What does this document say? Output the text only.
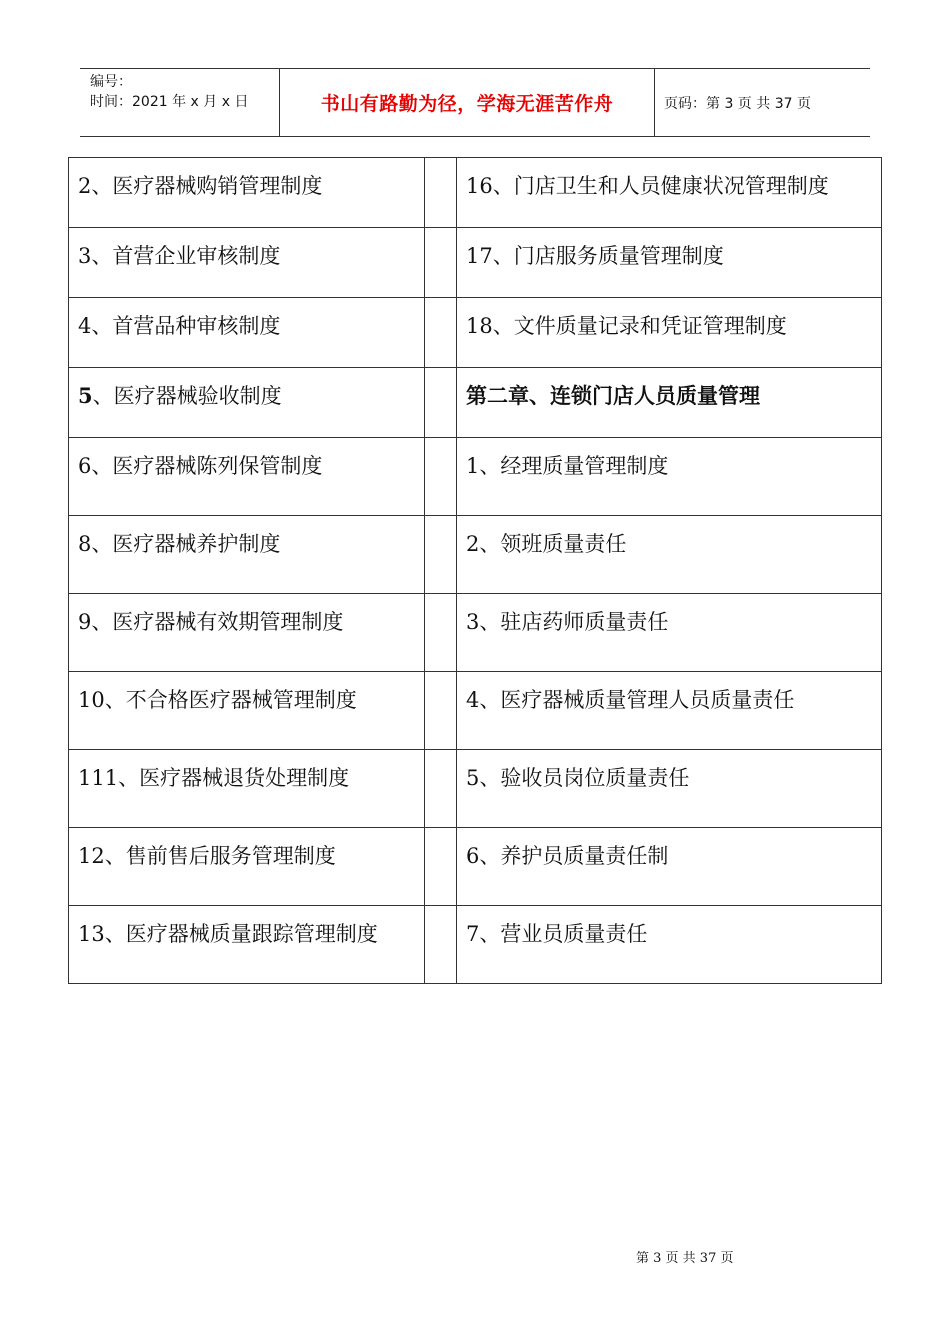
编号：
时间：2021 年 x 月 x 日	书山有路勤为径，学海无涯苦作舟	页码：第 3 页 共 37 页
2、医疗器械购销管理制度		16、门店卫生和人员健康状况管理制度
3、首营企业审核制度		17、门店服务质量管理制度
4、首营品种审核制度		18、文件质量记录和凭证管理制度
5、医疗器械验收制度		第二章、连锁门店人员质量管理
6、医疗器械陈列保管制度		1、经理质量管理制度
8、医疗器械养护制度		2、领班质量责任
9、医疗器械有效期管理制度		3、驻店药师质量责任
10、不合格医疗器械管理制度		4、医疗器械质量管理人员质量责任
111、医疗器械退货处理制度		5、验收员岗位质量责任
12、售前售后服务管理制度		6、养护员质量责任制
13、医疗器械质量跟踪管理制度		7、营业员质量责任
第 3 页 共 37 页
